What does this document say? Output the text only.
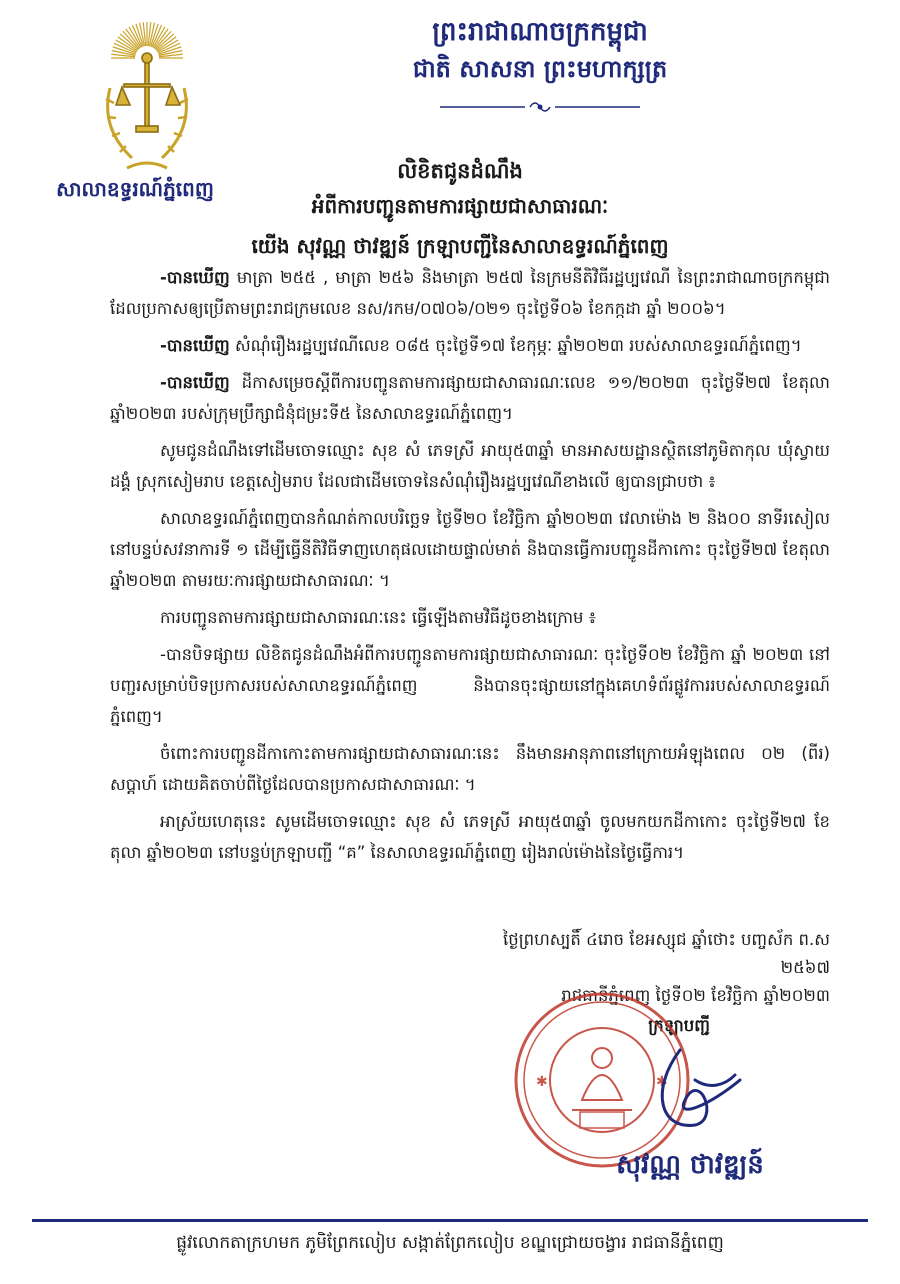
សាលាឧទ្ធរណ៍ភ្នំពេញ
ព្រះរាជាណាចក្រកម្ពុជា
ជាតិ សាសនា ព្រះមហាក្សត្រ
លិខិតជូនដំណឹង
អំពីការបញ្ជូនតាមការផ្សាយជាសាធារណៈ
យើង សុវណ្ណ ថាវឌ្ឍន៍ ក្រឡាបញ្ជីនៃសាលាឧទ្ធរណ៍ភ្នំពេញ

-បានឃើញ មាត្រា ២៥៥ , មាត្រា ២៥៦ និងមាត្រា ២៥៧ នៃក្រមនីតិវិធីរដ្ឋប្បវេណី នៃព្រះរាជាណាចក្រកម្ពុជា ដែលប្រកាសឲ្យប្រើតាមព្រះរាជក្រមលេខ នស/រកម/០៧០៦/០២១ ចុះថ្ងៃទី០៦ ខែកក្កដា ឆ្នាំ ២០០៦។

-បានឃើញ សំណុំរឿងរដ្ឋប្បវេណីលេខ ០៨៥ ចុះថ្ងៃទី១៧ ខែកុម្ភៈ ឆ្នាំ២០២៣ របស់សាលាឧទ្ធរណ៍ភ្នំពេញ។

-បានឃើញ ដីកាសម្រេចស្តីពីការបញ្ជូនតាមការផ្សាយជាសាធារណៈលេខ ១១/២០២៣ ចុះថ្ងៃទី២៧ ខែតុលា ឆ្នាំ២០២៣ របស់ក្រុមប្រឹក្សាជំនុំជម្រះទី៥ នៃសាលាឧទ្ធរណ៍ភ្នំពេញ។

សូមជូនដំណឹងទៅដើមចោទឈ្មោះ សុខ សំ ភេទស្រី អាយុ៥៣ឆ្នាំ មានអាសយដ្ឋានស្ថិតនៅភូមិតាកុល ឃុំស្វាយដង្គំ ស្រុកសៀមរាប ខេត្តសៀមរាប ដែលជាដើមចោទនៃសំណុំរឿងរដ្ឋប្បវេណីខាងលើ ឲ្យបានជ្រាបថា ៖

សាលាឧទ្ធរណ៍ភ្នំពេញបានកំណត់កាលបរិច្ឆេទ ថ្ងៃទី២០ ខែវិច្ឆិកា ឆ្នាំ២០២៣ វេលាម៉ោង ២ និង០០ នាទីរសៀល នៅបន្ទប់សវនាការទី ១ ដើម្បីធ្វើនីតិវិធីទាញហេតុផលដោយផ្ទាល់មាត់ និងបានធ្វើការបញ្ជូនដីកាកោះ ចុះថ្ងៃទី២៧ ខែតុលា ឆ្នាំ២០២៣ តាមរយៈការផ្សាយជាសាធារណៈ ។

ការបញ្ជូនតាមការផ្សាយជាសាធារណៈនេះ ធ្វើឡើងតាមវិធីដូចខាងក្រោម ៖

-បានបិទផ្សាយ លិខិតជូនដំណឹងអំពីការបញ្ជូនតាមការផ្សាយជាសាធារណៈ ចុះថ្ងៃទី០២ ខែវិច្ឆិកា ឆ្នាំ ២០២៣ នៅបញ្ជរសម្រាប់បិទប្រកាសរបស់សាលាឧទ្ធរណ៍ភ្នំពេញ និងបានចុះផ្សាយនៅក្នុងគេហទំព័រផ្លូវការរបស់សាលាឧទ្ធរណ៍ភ្នំពេញ។

ចំពោះការបញ្ជូនដីកាកោះតាមការផ្សាយជាសាធារណៈនេះ នឹងមានអានុភាពនៅក្រោយអំឡុងពេល ០២ (ពីរ) សប្តាហ៍ ដោយគិតចាប់ពីថ្ងៃដែលបានប្រកាសជាសាធារណៈ ។

អាស្រ័យហេតុនេះ សូមដើមចោទឈ្មោះ សុខ សំ ភេទស្រី អាយុ៥៣ឆ្នាំ ចូលមកយកដីកាកោះ ចុះថ្ងៃទី២៧ ខែតុលា ឆ្នាំ២០២៣ នៅបន្ទប់ក្រឡាបញ្ជី “គ” នៃសាលាឧទ្ធរណ៍ភ្នំពេញ រៀងរាល់ម៉ោងនៃថ្ងៃធ្វើការ។

ថ្ងៃព្រហស្បតិ៍ ៤រោច ខែអស្សុជ ឆ្នាំថោះ បញ្ចស័ក ព.ស ២៥៦៧
រាជធានីភ្នំពេញ ថ្ងៃទី០២ ខែវិច្ឆិកា ឆ្នាំ២០២៣
ក្រឡាបញ្ជី
✱	✱
សុវណ្ណ ថាវឌ្ឍន៍
ផ្លូវលោកតាក្រហមក ភូមិព្រែកលៀប សង្កាត់ព្រែកលៀប ខណ្ឌជ្រោយចង្វារ រាជធានីភ្នំពេញ
